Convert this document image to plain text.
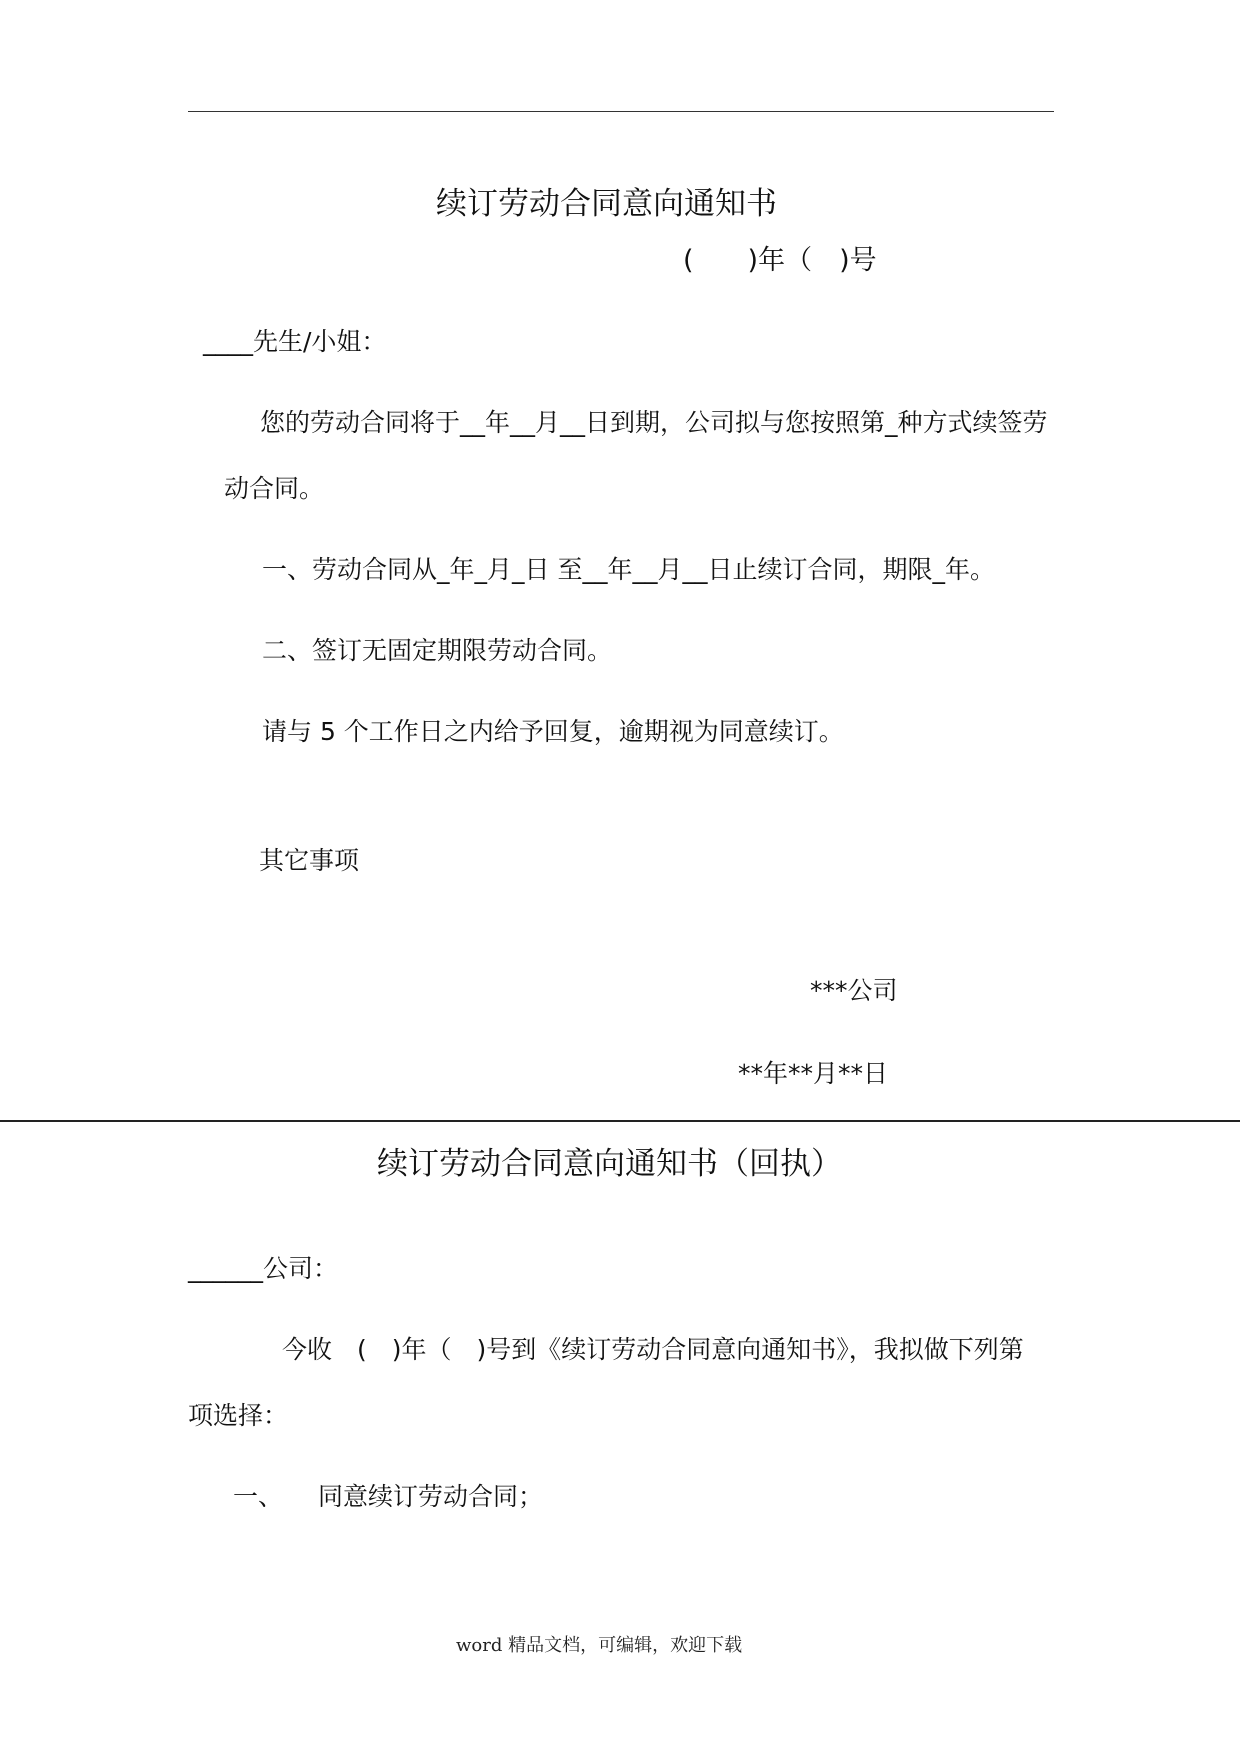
续订劳动合同意向通知书
(　　)年（　)号
____先生/小姐：
您的劳动合同将于__年__月__日到期，公司拟与您按照第_种方式续签劳
动合同。
一、劳动合同从_年_月_日 至__年__月__日止续订合同，期限_年。
二、签订无固定期限劳动合同。
请与 5 个工作日之内给予回复，逾期视为同意续订。
其它事项
***公司
**年**月**日
续订劳动合同意向通知书（回执）
______公司：
今收　(　)年（　)号到《续订劳动合同意向通知书》，我拟做下列第
项选择：
一、 同意续订劳动合同；
word 精品文档，可编辑，欢迎下载
